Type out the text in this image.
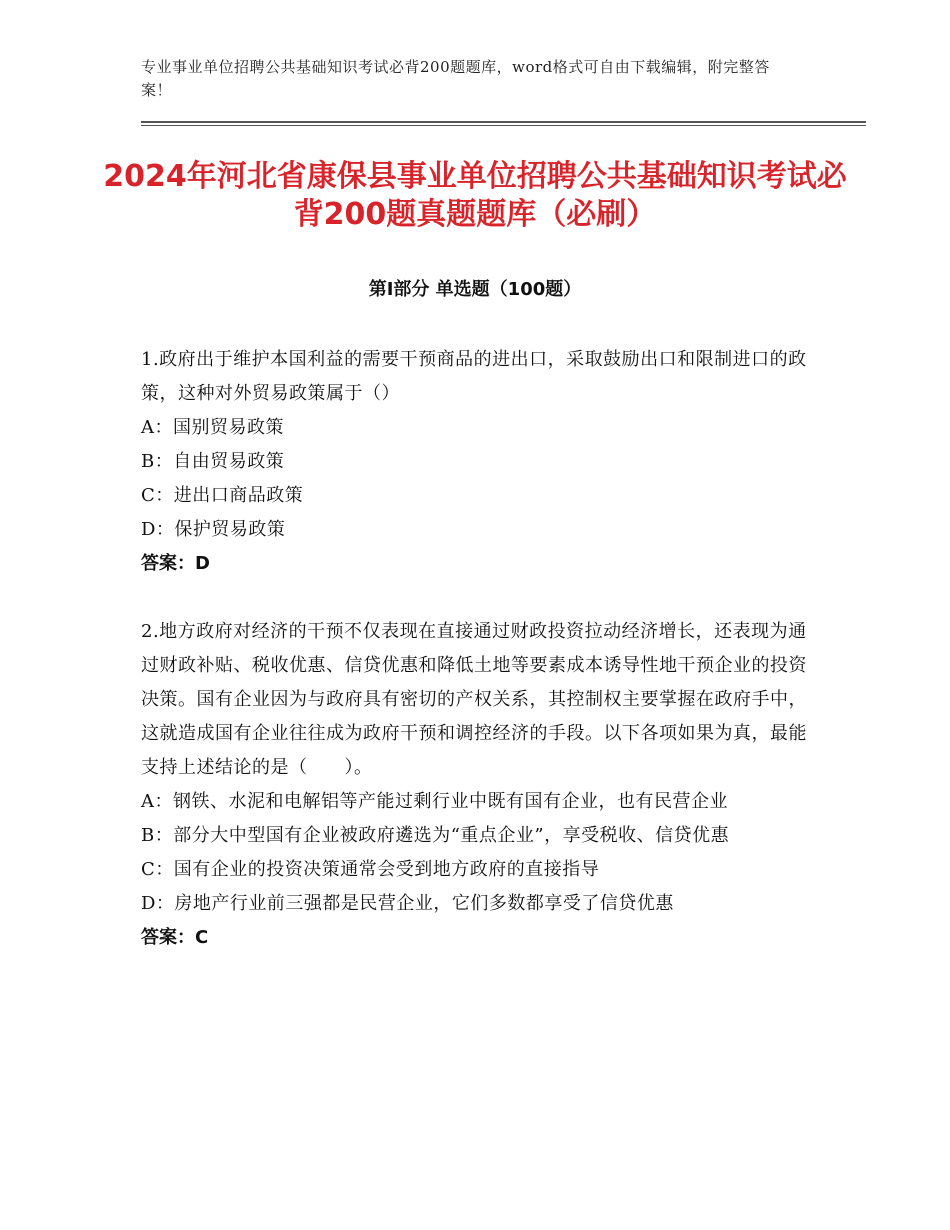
专业事业单位招聘公共基础知识考试必背200题题库，word格式可自由下载编辑，附完整答案！
2024年河北省康保县事业单位招聘公共基础知识考试必背200题真题题库（必刷）
第Ⅰ部分 单选题（100题）
1.政府出于维护本国利益的需要干预商品的进出口，采取鼓励出口和限制进口的政策，这种对外贸易政策属于（）
A：国别贸易政策
B：自由贸易政策
C：进出口商品政策
D：保护贸易政策
答案：D
2.地方政府对经济的干预不仅表现在直接通过财政投资拉动经济增长，还表现为通过财政补贴、税收优惠、信贷优惠和降低土地等要素成本诱导性地干预企业的投资决策。国有企业因为与政府具有密切的产权关系，其控制权主要掌握在政府手中，这就造成国有企业往往成为政府干预和调控经济的手段。以下各项如果为真，最能支持上述结论的是（　　）。
A：钢铁、水泥和电解铝等产能过剩行业中既有国有企业，也有民营企业
B：部分大中型国有企业被政府遴选为“重点企业”，享受税收、信贷优惠
C：国有企业的投资决策通常会受到地方政府的直接指导
D：房地产行业前三强都是民营企业，它们多数都享受了信贷优惠
答案：C
